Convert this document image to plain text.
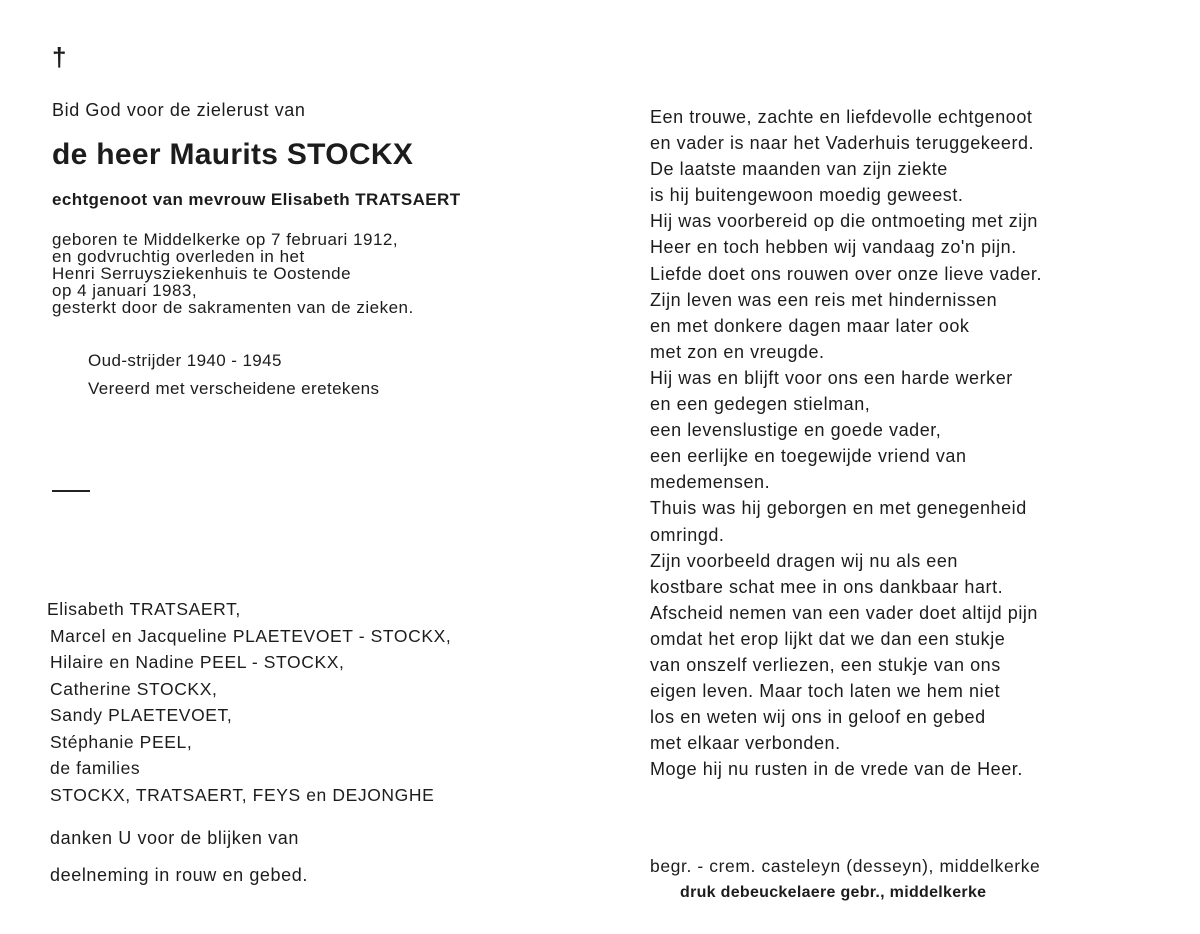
†
Bid God voor de zielerust van
de heer Maurits STOCKX
echtgenoot van mevrouw Elisabeth TRATSAERT
geboren te Middelkerke op 7 februari 1912,
en godvruchtig overleden in het
Henri Serruysziekenhuis te Oostende
op 4 januari 1983,
gesterkt door de sakramenten van de zieken.
Oud-strijder 1940 - 1945
Vereerd met verscheidene eretekens
Elisabeth TRATSAERT,
Marcel en Jacqueline PLAETEVOET - STOCKX,
Hilaire en Nadine PEEL - STOCKX,
Catherine STOCKX,
Sandy PLAETEVOET,
Stéphanie PEEL,
de families
STOCKX, TRATSAERT, FEYS en DEJONGHE
danken U voor de blijken van
deelneming in rouw en gebed.
Een trouwe, zachte en liefdevolle echtgenoot
en vader is naar het Vaderhuis teruggekeerd.
De laatste maanden van zijn ziekte
is hij buitengewoon moedig geweest.
Hij was voorbereid op die ontmoeting met zijn
Heer en toch hebben wij vandaag zo'n pijn.
Liefde doet ons rouwen over onze lieve vader.
Zijn leven was een reis met hindernissen
en met donkere dagen maar later ook
met zon en vreugde.
Hij was en blijft voor ons een harde werker
en een gedegen stielman,
een levenslustige en goede vader,
een eerlijke en toegewijde vriend van
medemensen.
Thuis was hij geborgen en met genegenheid
omringd.
Zijn voorbeeld dragen wij nu als een
kostbare schat mee in ons dankbaar hart.
Afscheid nemen van een vader doet altijd pijn
omdat het erop lijkt dat we dan een stukje
van onszelf verliezen, een stukje van ons
eigen leven. Maar toch laten we hem niet
los en weten wij ons in geloof en gebed
met elkaar verbonden.
Moge hij nu rusten in de vrede van de Heer.
begr. - crem. casteleyn (desseyn), middelkerke
druk debeuckelaere gebr., middelkerke
